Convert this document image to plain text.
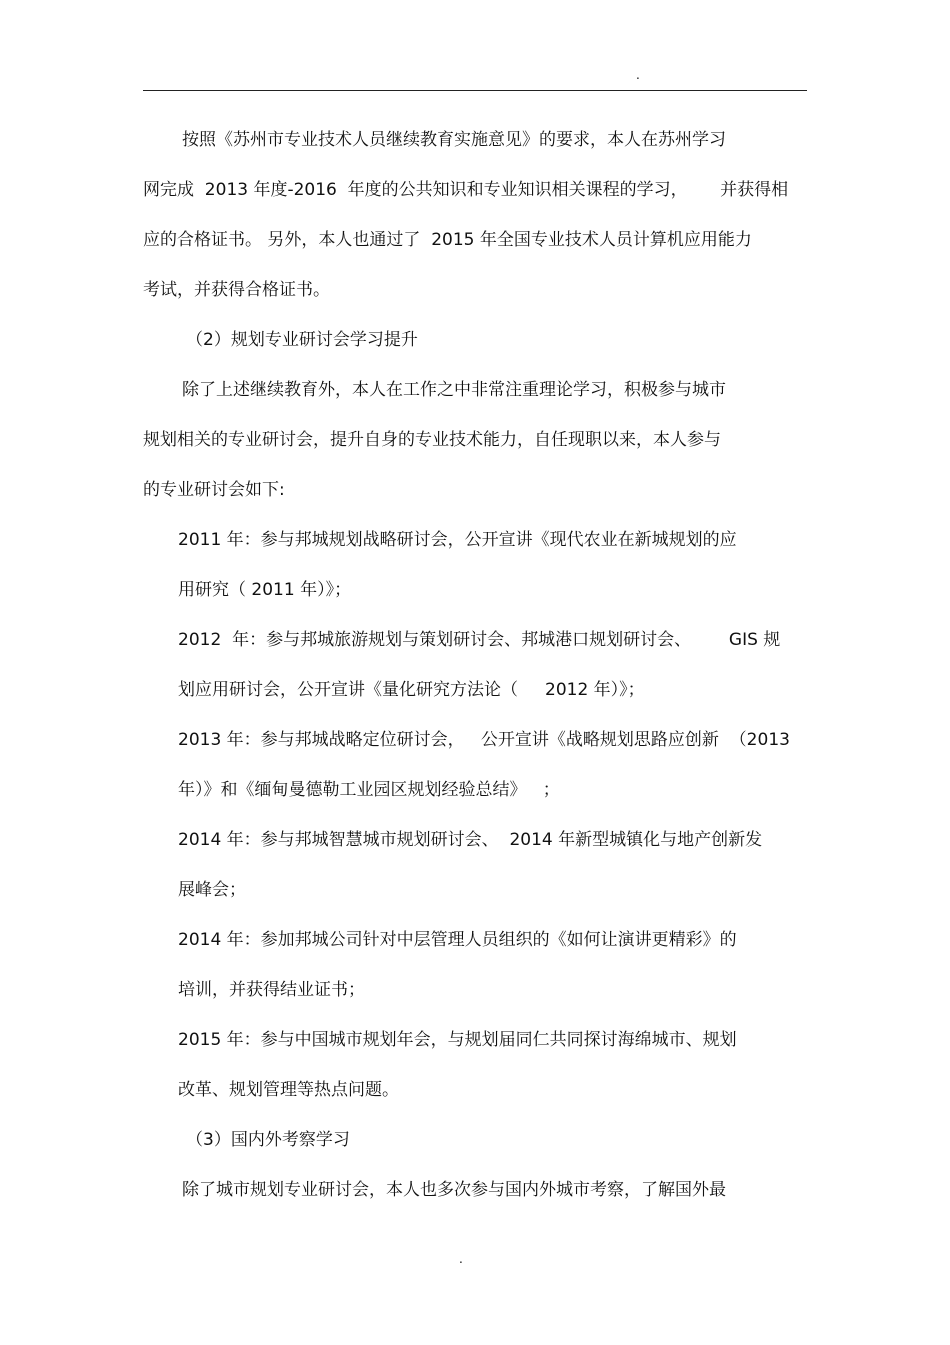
.
按照《苏州市专业技术人员继续教育实施意见》的要求，本人在苏州学习
网完成  2013 年度-2016  年度的公共知识和专业知识相关课程的学习，      并获得相
应的合格证书。 另外，本人也通过了  2015 年全国专业技术人员计算机应用能力
考试，并获得合格证书。
（2）规划专业研讨会学习提升
除了上述继续教育外，本人在工作之中非常注重理论学习，积极参与城市
规划相关的专业研讨会，提升自身的专业技术能力，自任现职以来，本人参与
的专业研讨会如下:
2011 年：参与邦城规划战略研讨会，公开宣讲《现代农业在新城规划的应
用研究（ 2011 年）》；
2012  年：参与邦城旅游规划与策划研讨会、邦城港口规划研讨会、       GIS 规
划应用研讨会，公开宣讲《量化研究方法论（     2012 年）》；
2013 年：参与邦城战略定位研讨会，   公开宣讲《战略规划思路应创新  （2013
年）》和《缅甸曼德勒工业园区规划经验总结》   ；
2014 年：参与邦城智慧城市规划研讨会、  2014 年新型城镇化与地产创新发
展峰会；
2014 年：参加邦城公司针对中层管理人员组织的《如何让演讲更精彩》的
培训，并获得结业证书；
2015 年：参与中国城市规划年会，与规划届同仁共同探讨海绵城市、规划
改革、规划管理等热点问题。
（3）国内外考察学习
除了城市规划专业研讨会，本人也多次参与国内外城市考察，了解国外最
.
